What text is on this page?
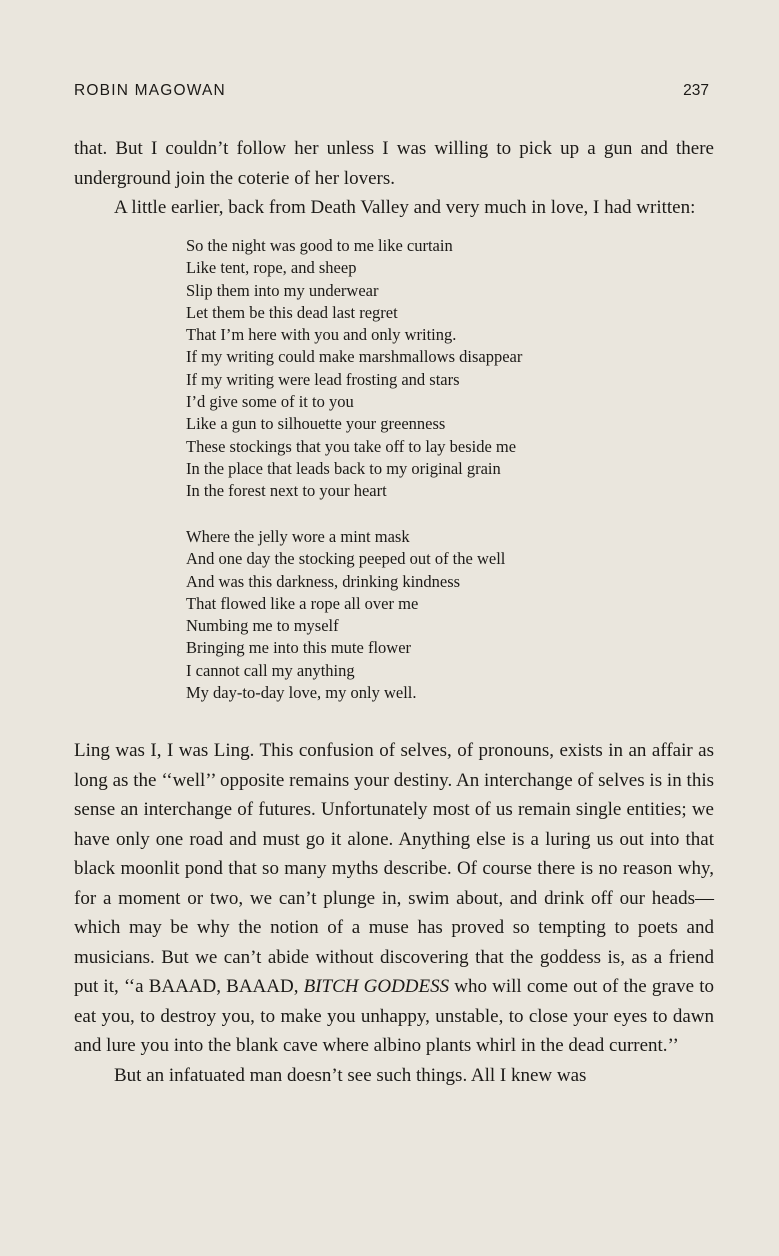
ROBIN MAGOWAN	237

that. But I couldn’t follow her unless I was willing to pick up a gun and there underground join the coterie of her lovers.

A little earlier, back from Death Valley and very much in love, I had written:

So the night was good to me like curtain
Like tent, rope, and sheep
Slip them into my underwear
Let them be this dead last regret
That I’m here with you and only writing.
If my writing could make marshmallows disappear
If my writing were lead frosting and stars
I’d give some of it to you
Like a gun to silhouette your greenness
These stockings that you take off to lay beside me
In the place that leads back to my original grain
In the forest next to your heart
Where the jelly wore a mint mask
And one day the stocking peeped out of the well
And was this darkness, drinking kindness
That flowed like a rope all over me
Numbing me to myself
Bringing me into this mute flower
I cannot call my anything
My day-to-day love, my only well.

Ling was I, I was Ling. This confusion of selves, of pronouns, exists in an affair as long as the ‘‘well’’ opposite remains your destiny. An interchange of selves is in this sense an interchange of futures. Unfortunately most of us remain single entities; we have only one road and must go it alone. Anything else is a luring us out into that black moonlit pond that so many myths describe. Of course there is no reason why, for a moment or two, we can’t plunge in, swim about, and drink off our heads—which may be why the notion of a muse has proved so tempting to poets and musicians. But we can’t abide without discovering that the goddess is, as a friend put it, ‘‘a BAAAD, BAAAD, BITCH GODDESS who will come out of the grave to eat you, to destroy you, to make you unhappy, unstable, to close your eyes to dawn and lure you into the blank cave where albino plants whirl in the dead current.’’

But an infatuated man doesn’t see such things. All I knew was
